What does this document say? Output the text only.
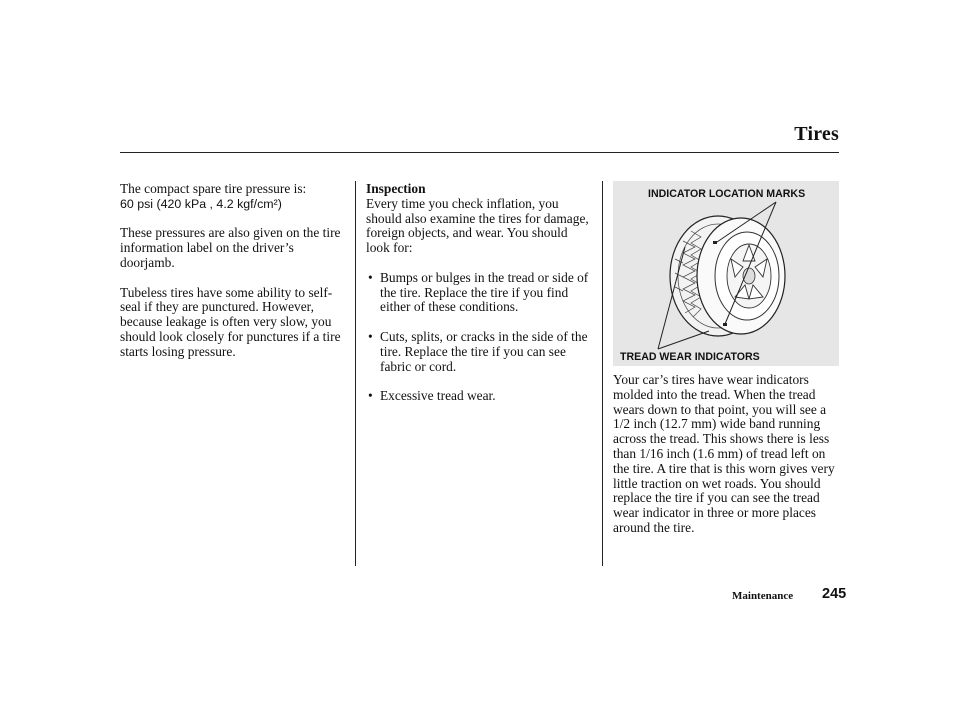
Tires

The compact spare tire pressure is:
60 psi (420 kPa , 4.2 kgf/cm²)

These pressures are also given on the tire information label on the driver’s doorjamb.

Tubeless tires have some ability to self-seal if they are punctured. However, because leakage is often very slow, you should look closely for punctures if a tire starts losing pressure.

Inspection

Every time you check inflation, you should also examine the tires for damage, foreign objects, and wear. You should look for:

• Bumps or bulges in the tread or side of the tire. Replace the tire if you find either of these conditions.
• Cuts, splits, or cracks in the side of the tire. Replace the tire if you can see fabric or cord.
• Excessive tread wear.
INDICATOR LOCATION MARKS
TREAD WEAR INDICATORS

Your car’s tires have wear indicators molded into the tread. When the tread wears down to that point, you will see a 1/2 inch (12.7 mm) wide band running across the tread. This shows there is less than 1/16 inch (1.6 mm) of tread left on the tire. A tire that is this worn gives very little traction on wet roads. You should replace the tire if you can see the tread wear indicator in three or more places around the tire.

Maintenance 245
